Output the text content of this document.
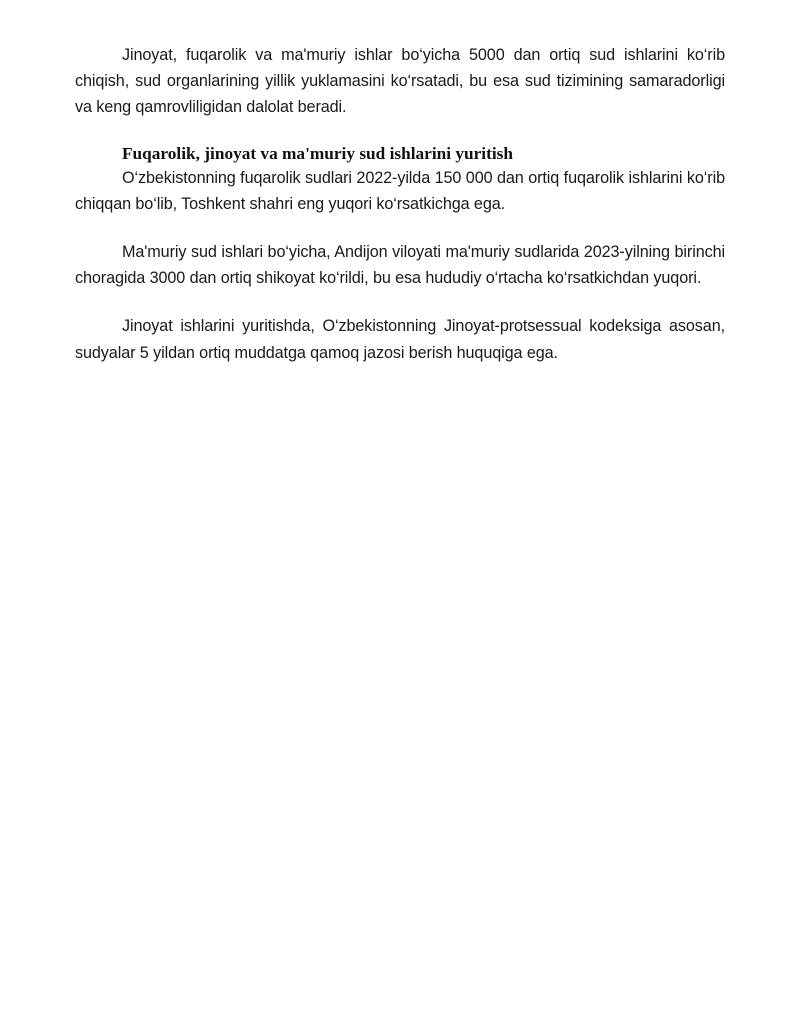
Jinoyat, fuqarolik va ma'muriy ishlar bo‘yicha 5000 dan ortiq sud ishlarini ko‘rib chiqish, sud organlarining yillik yuklamasini ko‘rsatadi, bu esa sud tizimining samaradorligi va keng qamrovliligidan dalolat beradi.

Fuqarolik, jinoyat va ma'muriy sud ishlarini yuritish

O‘zbekistonning fuqarolik sudlari 2022-yilda 150 000 dan ortiq fuqarolik ishlarini ko‘rib chiqqan bo‘lib, Toshkent shahri eng yuqori ko‘rsatkichga ega.

Ma'muriy sud ishlari bo‘yicha, Andijon viloyati ma'muriy sudlarida 2023-yilning birinchi choragida 3000 dan ortiq shikoyat ko‘rildi, bu esa hududiy o‘rtacha ko‘rsatkichdan yuqori.

Jinoyat ishlarini yuritishda, O‘zbekistonning Jinoyat-protsessual kodeksiga asosan, sudyalar 5 yildan ortiq muddatga qamoq jazosi berish huquqiga ega.
